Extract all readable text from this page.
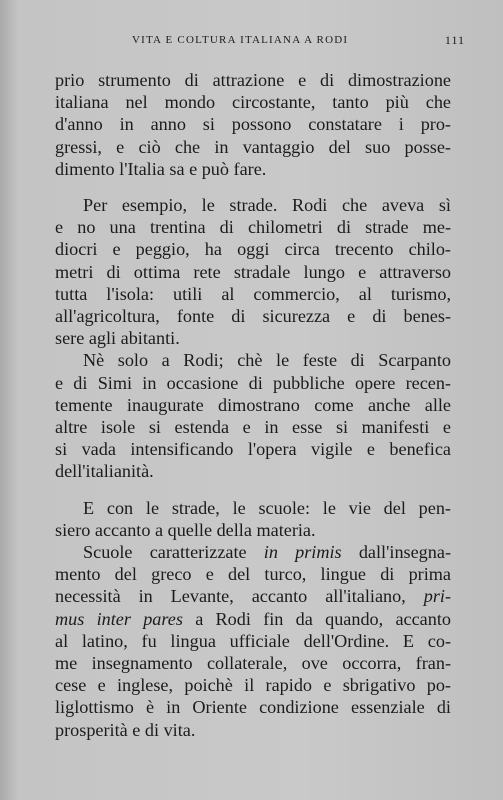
VITA E COLTURA ITALIANA A RODI	111
prio strumento di attrazione e di dimostrazione
italiana nel mondo circostante, tanto più che
d'anno in anno si possono constatare i pro-
gressi, e ciò che in vantaggio del suo posse-
dimento l'Italia sa e può fare.
Per esempio, le strade. Rodi che aveva sì
e no una trentina di chilometri di strade me-
diocri e peggio, ha oggi circa trecento chilo-
metri di ottima rete stradale lungo e attraverso
tutta l'isola: utili al commercio, al turismo,
all'agricoltura, fonte di sicurezza e di benes-
sere agli abitanti.
Nè solo a Rodi; chè le feste di Scarpanto
e di Simi in occasione di pubbliche opere recen-
temente inaugurate dimostrano come anche alle
altre isole si estenda e in esse si manifesti e
si vada intensificando l'opera vigile e benefica
dell'italianità.
E con le strade, le scuole: le vie del pen-
siero accanto a quelle della materia.
Scuole caratterizzate in primis dall'insegna-
mento del greco e del turco, lingue di prima
necessità in Levante, accanto all'italiano, pri-
mus inter pares a Rodi fin da quando, accanto
al latino, fu lingua ufficiale dell'Ordine. E co-
me insegnamento collaterale, ove occorra, fran-
cese e inglese, poichè il rapido e sbrigativo po-
liglottismo è in Oriente condizione essenziale di
prosperità e di vita.
